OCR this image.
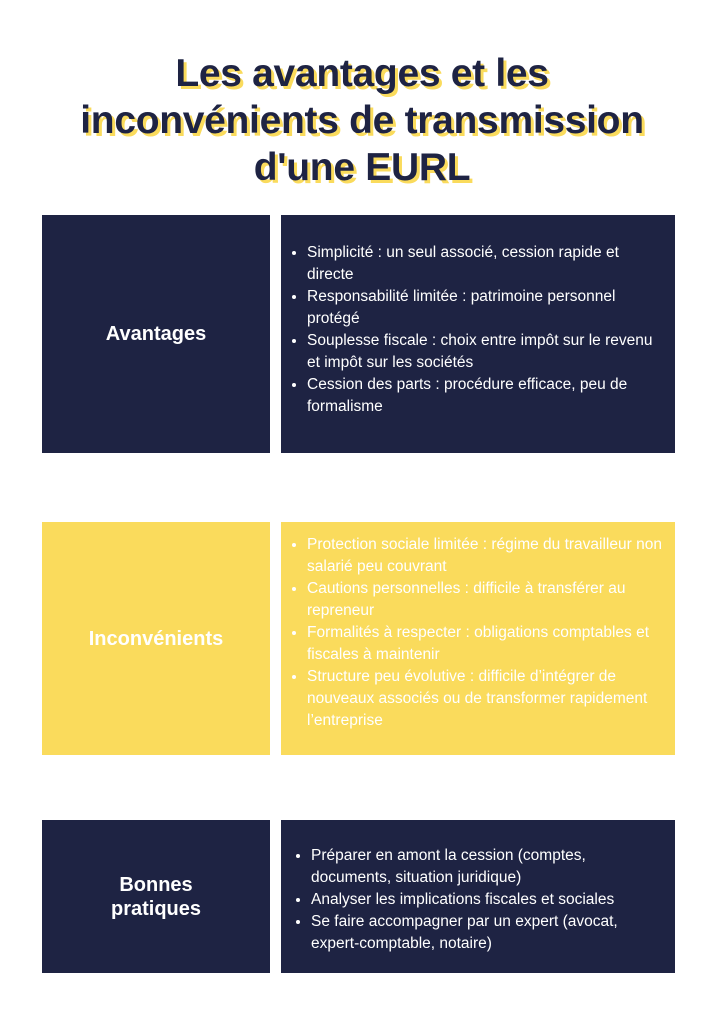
Les avantages et les
inconvénients de transmission
d'une EURL
Avantages
• Simplicité : un seul associé, cession rapide et directe
• Responsabilité limitée : patrimoine personnel protégé
• Souplesse fiscale : choix entre impôt sur le revenu et impôt sur les sociétés
• Cession des parts : procédure efficace, peu de formalisme
Inconvénients
• Protection sociale limitée : régime du travailleur non salarié peu couvrant
• Cautions personnelles : difficile à transférer au repreneur
• Formalités à respecter : obligations comptables et fiscales à maintenir
• Structure peu évolutive : difficile d’intégrer de nouveaux associés ou de transformer rapidement l’entreprise
Bonnes
pratiques
• Préparer en amont la cession (comptes, documents, situation juridique)
• Analyser les implications fiscales et sociales
• Se faire accompagner par un expert (avocat, expert-comptable, notaire)
